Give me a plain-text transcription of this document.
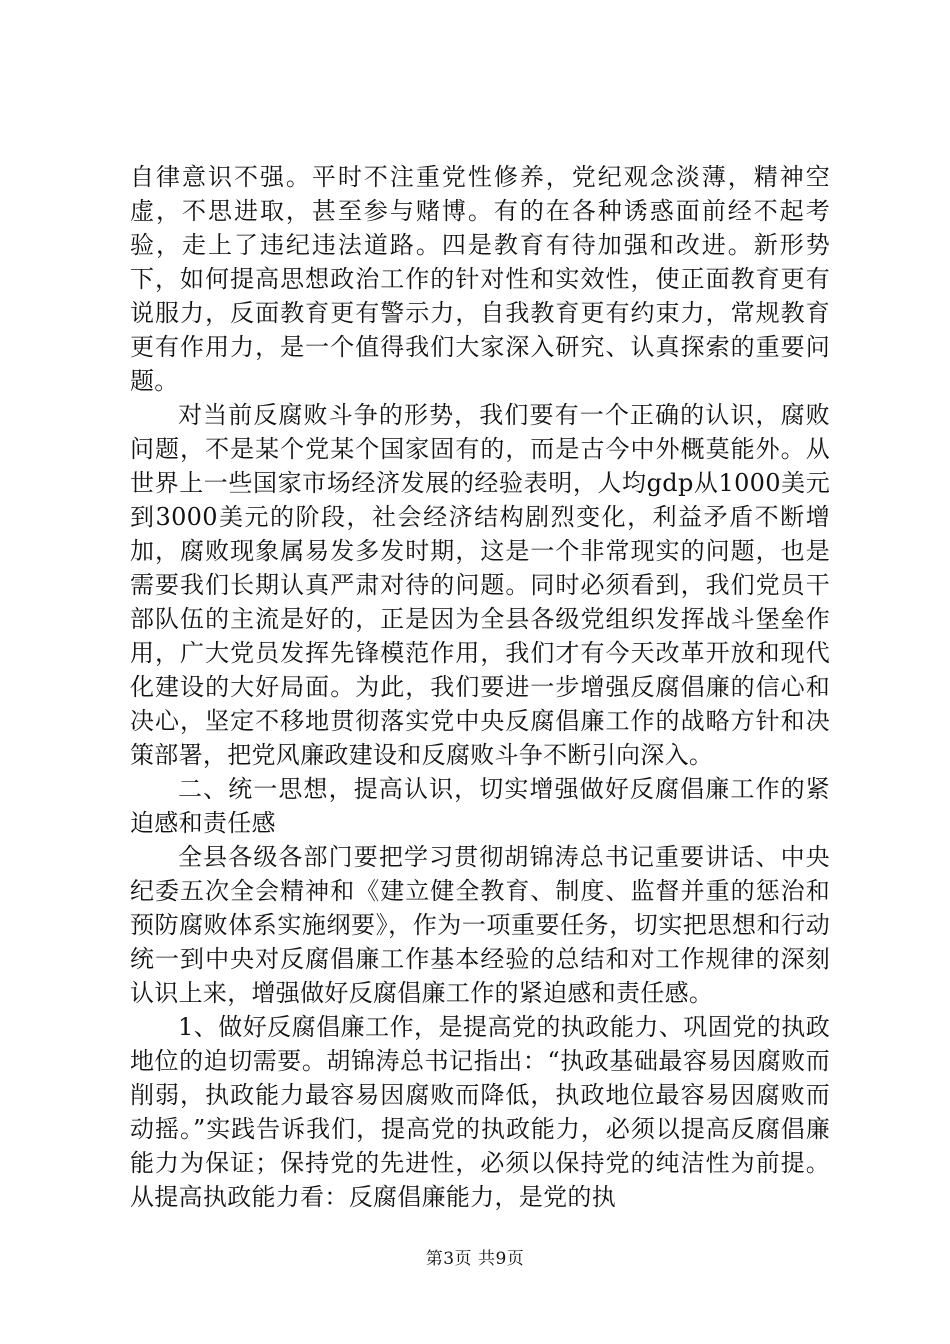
自律意识不强。平时不注重党性修养，党纪观念淡薄，精神空虚，不思进取，甚至参与赌博。有的在各种诱惑面前经不起考验，走上了违纪违法道路。四是教育有待加强和改进。新形势下，如何提高思想政治工作的针对性和实效性，使正面教育更有说服力，反面教育更有警示力，自我教育更有约束力，常规教育更有作用力，是一个值得我们大家深入研究、认真探索的重要问题。

对当前反腐败斗争的形势，我们要有一个正确的认识，腐败问题，不是某个党某个国家固有的，而是古今中外概莫能外。从世界上一些国家市场经济发展的经验表明，人均gdp从1000美元到3000美元的阶段，社会经济结构剧烈变化，利益矛盾不断增加，腐败现象属易发多发时期，这是一个非常现实的问题，也是需要我们长期认真严肃对待的问题。同时必须看到，我们党员干部队伍的主流是好的，正是因为全县各级党组织发挥战斗堡垒作用，广大党员发挥先锋模范作用，我们才有今天改革开放和现代化建设的大好局面。为此，我们要进一步增强反腐倡廉的信心和决心，坚定不移地贯彻落实党中央反腐倡廉工作的战略方针和决策部署，把党风廉政建设和反腐败斗争不断引向深入。

二、统一思想，提高认识，切实增强做好反腐倡廉工作的紧迫感和责任感

全县各级各部门要把学习贯彻胡锦涛总书记重要讲话、中央纪委五次全会精神和《建立健全教育、制度、监督并重的惩治和预防腐败体系实施纲要》，作为一项重要任务，切实把思想和行动统一到中央对反腐倡廉工作基本经验的总结和对工作规律的深刻认识上来，增强做好反腐倡廉工作的紧迫感和责任感。

1、做好反腐倡廉工作，是提高党的执政能力、巩固党的执政地位的迫切需要。胡锦涛总书记指出：“执政基础最容易因腐败而削弱，执政能力最容易因腐败而降低，执政地位最容易因腐败而动摇。”实践告诉我们，提高党的执政能力，必须以提高反腐倡廉能力为保证；保持党的先进性，必须以保持党的纯洁性为前提。从提高执政能力看：反腐倡廉能力，是党的执

第3页 共9页
